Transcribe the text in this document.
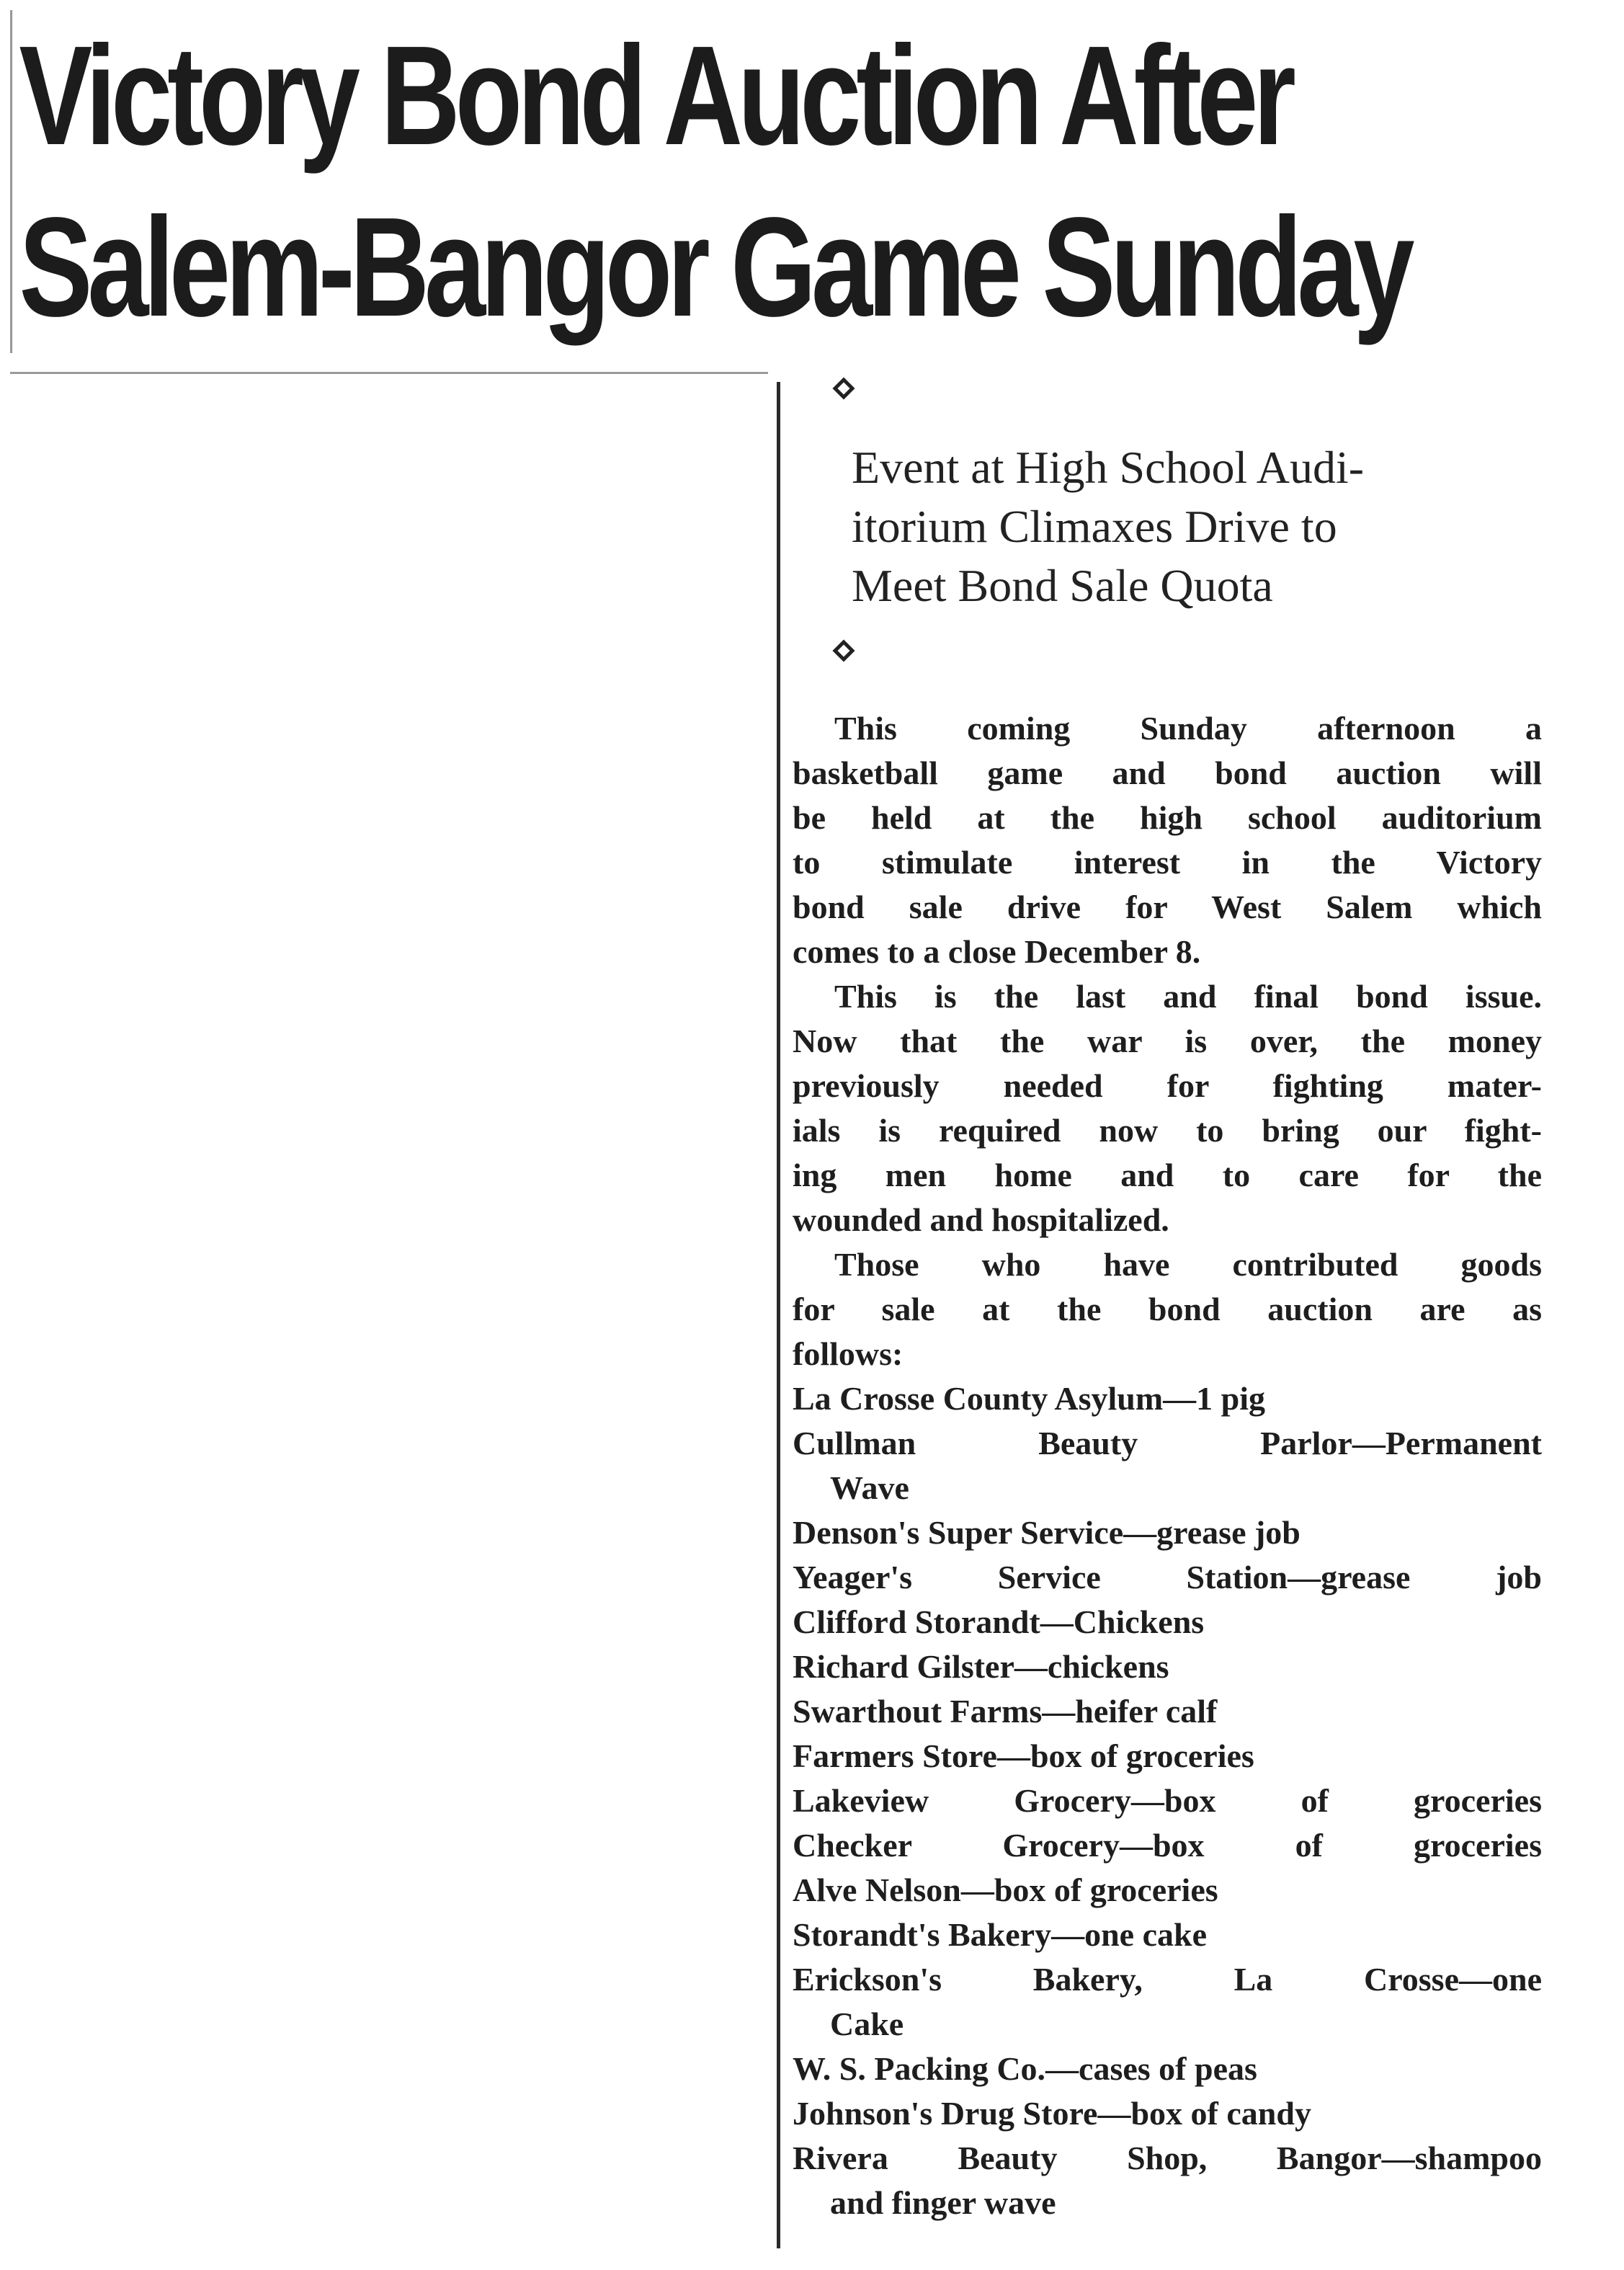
Victory Bond Auction After
Salem-Bangor Game Sunday
Event at High School Audi-
itorium Climaxes Drive to
Meet Bond Sale Quota
This coming Sunday afternoon a
basketball game and bond auction will
be held at the high school auditorium
to stimulate interest in the Victory
bond sale drive for West Salem which
comes to a close December 8.
This is the last and final bond issue.
Now that the war is over, the money
previously needed for fighting mater-
ials is required now to bring our fight-
ing men home and to care for the
wounded and hospitalized.
Those who have contributed goods
for sale at the bond auction are as
follows:
La Crosse County Asylum—1 pig
Cullman Beauty Parlor—Permanent
Wave
Denson's Super Service—grease job
Yeager's Service Station—grease job
Clifford Storandt—Chickens
Richard Gilster—chickens
Swarthout Farms—heifer calf
Farmers Store—box of groceries
Lakeview Grocery—box of groceries
Checker Grocery—box of groceries
Alve Nelson—box of groceries
Storandt's Bakery—one cake
Erickson's Bakery, La Crosse—one
Cake
W. S. Packing Co.—cases of peas
Johnson's Drug Store—box of candy
Rivera Beauty Shop, Bangor—shampoo
and finger wave
